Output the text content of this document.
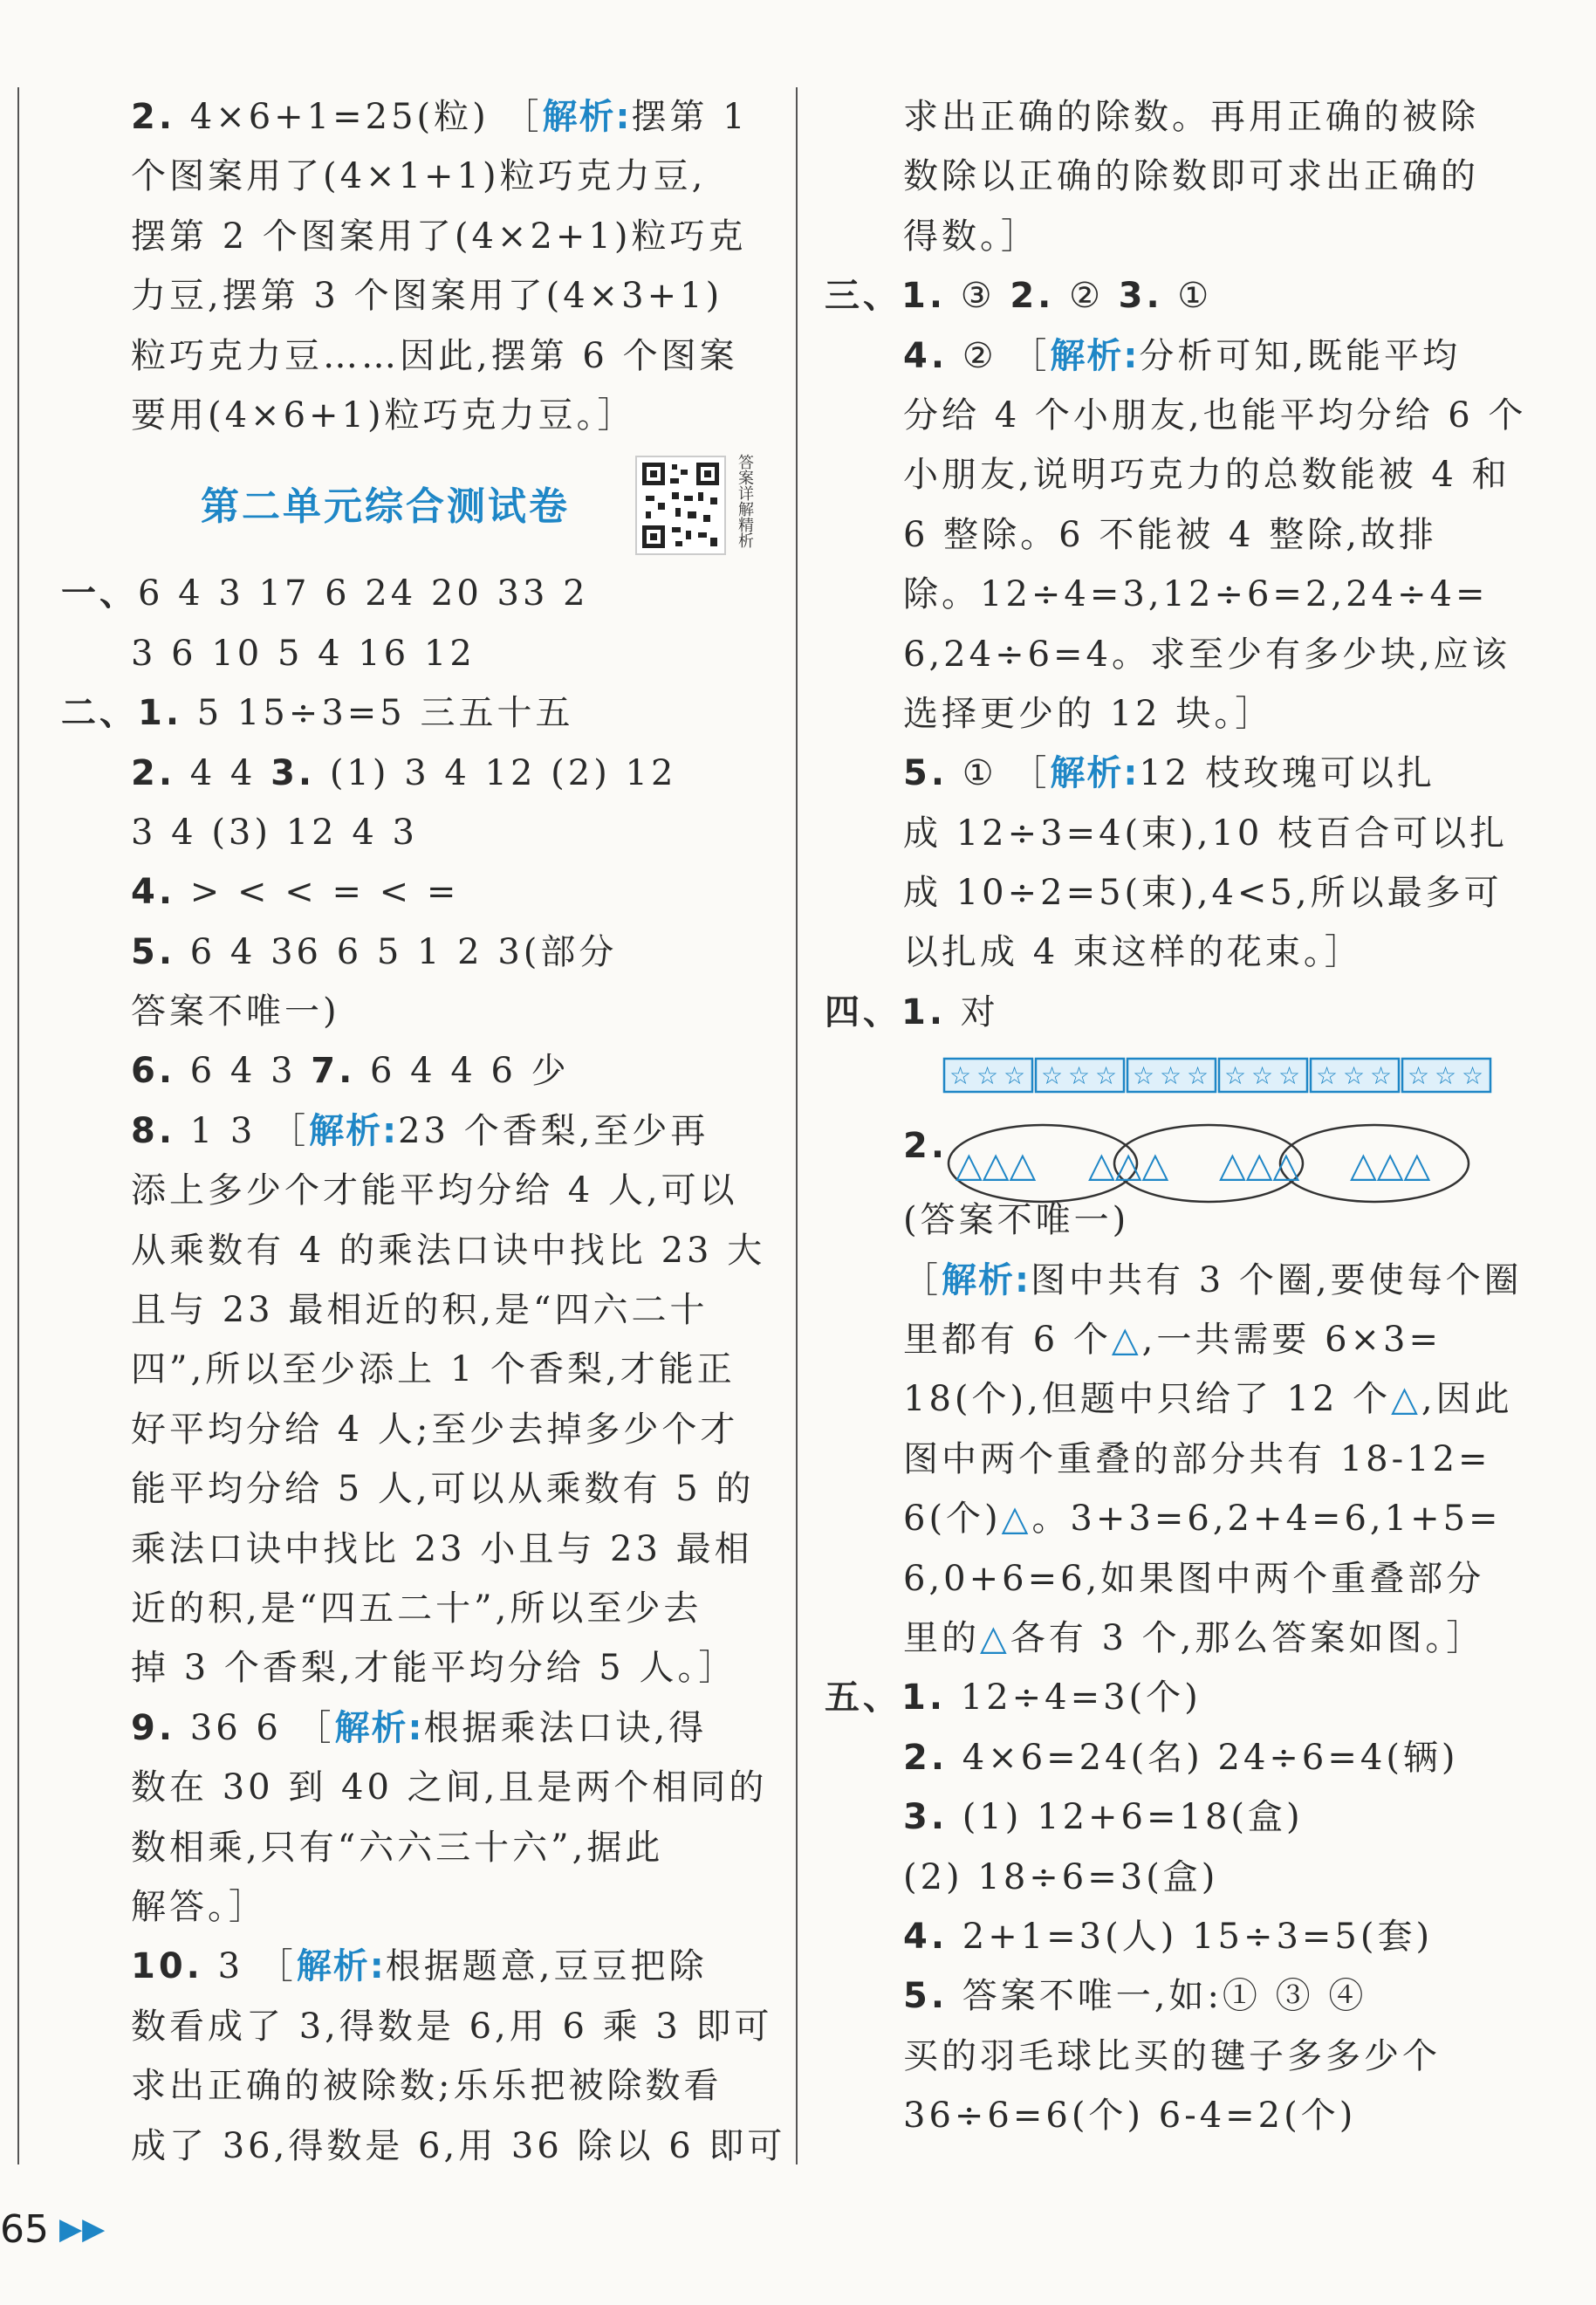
2. 4×6+1=25(粒) ［解析:摆第 1
个图案用了(4×1+1)粒巧克力豆,
摆第 2 个图案用了(4×2+1)粒巧克
力豆,摆第 3 个图案用了(4×3+1)
粒巧克力豆……因此,摆第 6 个图案
要用(4×6+1)粒巧克力豆。］
一、6 4 3 17 6 24 20 33 2
3 6 10 5 4 16 12
二、1. 5 15÷3=5 三五十五
2. 4 4 3. (1) 3 4 12 (2) 12
3 4 (3) 12 4 3
4. > < < = < =
5. 6 4 36 6 5 1 2 3(部分
答案不唯一)
6. 6 4 3 7. 6 4 4 6 少
8. 1 3 ［解析:23 个香梨,至少再
添上多少个才能平均分给 4 人,可以
从乘数有 4 的乘法口诀中找比 23 大
且与 23 最相近的积,是“四六二十
四”,所以至少添上 1 个香梨,才能正
好平均分给 4 人;至少去掉多少个才
能平均分给 5 人,可以从乘数有 5 的
乘法口诀中找比 23 小且与 23 最相
近的积,是“四五二十”,所以至少去
掉 3 个香梨,才能平均分给 5 人。］
9. 36 6 ［解析:根据乘法口诀,得
数在 30 到 40 之间,且是两个相同的
数相乘,只有“六六三十六”,据此
解答。］
10. 3 ［解析:根据题意,豆豆把除
数看成了 3,得数是 6,用 6 乘 3 即可
求出正确的被除数;乐乐把被除数看
成了 36,得数是 6,用 36 除以 6 即可
第二单元综合测试卷
答案详解精析
求出正确的除数。再用正确的被除
数除以正确的除数即可求出正确的
得数。］
三、1. ③ 2. ② 3. ①
4. ② ［解析:分析可知,既能平均
分给 4 个小朋友,也能平均分给 6 个
小朋友,说明巧克力的总数能被 4 和
6 整除。6 不能被 4 整除,故排
除。12÷4=3,12÷6=2,24÷4=
6,24÷6=4。求至少有多少块,应该
选择更少的 12 块。］
5. ① ［解析:12 枝玫瑰可以扎
成 12÷3=4(束),10 枝百合可以扎
成 10÷2=5(束),4<5,所以最多可
以扎成 4 束这样的花束。］
四、1. 对
2.
(答案不唯一)
［解析:图中共有 3 个圈,要使每个圈
里都有 6 个△,一共需要 6×3=
18(个),但题中只给了 12 个△,因此
图中两个重叠的部分共有 18-12=
6(个)△。3+3=6,2+4=6,1+5=
6,0+6=6,如果图中两个重叠部分
里的△各有 3 个,那么答案如图。］
五、1. 12÷4=3(个)
2. 4×6=24(名) 24÷6=4(辆)
3. (1) 12+6=18(盒)
(2) 18÷6=3(盒)
4. 2+1=3(人) 15÷3=5(套)
5. 答案不唯一,如:① ③ ④
买的羽毛球比买的毽子多多少个
36÷6=6(个) 6-4=2(个)
☆ ☆ ☆ ☆ ☆ ☆ ☆ ☆ ☆ ☆ ☆ ☆ ☆ ☆ ☆ ☆ ☆ ☆
△△△ △△△ △△△ △△△
65 ▶▶
